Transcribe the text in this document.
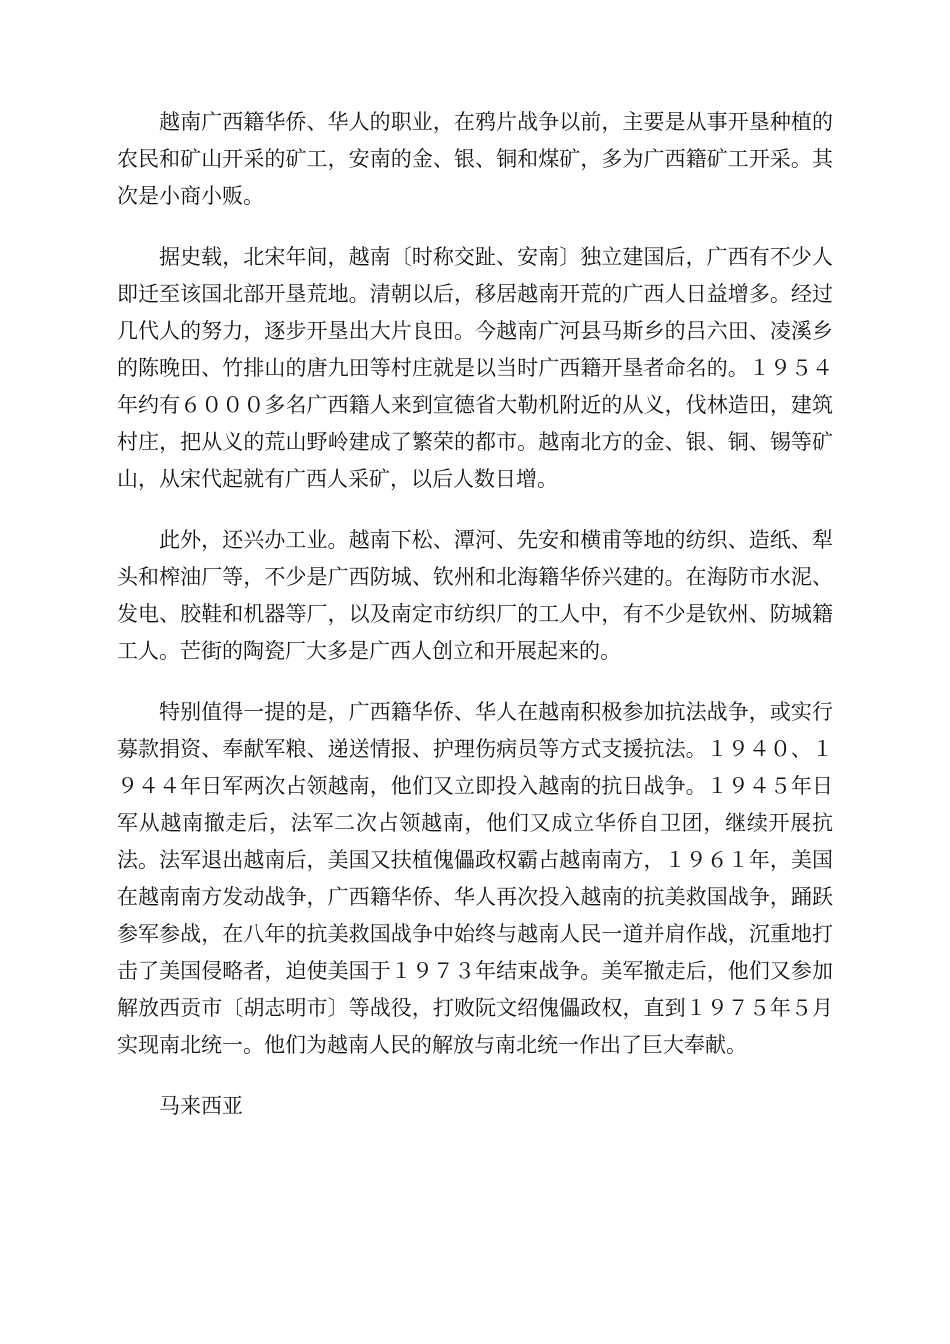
越南广西籍华侨、华人的职业，在鸦片战争以前，主要是从事开垦种植的农民和矿山开采的矿工，安南的金、银、铜和煤矿，多为广西籍矿工开采。其次是小商小贩。

据史载，北宋年间，越南〔时称交趾、安南〕独立建国后，广西有不少人即迁至该国北部开垦荒地。清朝以后，移居越南开荒的广西人日益增多。经过几代人的努力，逐步开垦出大片良田。今越南广河县马斯乡的吕六田、凌溪乡的陈晚田、竹排山的唐九田等村庄就是以当时广西籍开垦者命名的。１９５４年约有６０００多名广西籍人来到宣德省大勒机附近的从义，伐林造田，建筑村庄，把从义的荒山野岭建成了繁荣的都市。越南北方的金、银、铜、锡等矿山，从宋代起就有广西人采矿，以后人数日增。

此外，还兴办工业。越南下松、潭河、先安和横甫等地的纺织、造纸、犁头和榨油厂等，不少是广西防城、钦州和北海籍华侨兴建的。在海防市水泥、发电、胶鞋和机器等厂，以及南定市纺织厂的工人中，有不少是钦州、防城籍工人。芒街的陶瓷厂大多是广西人创立和开展起来的。

特别值得一提的是，广西籍华侨、华人在越南积极参加抗法战争，或实行募款捐资、奉献军粮、递送情报、护理伤病员等方式支援抗法。１９４０、１９４４年日军两次占领越南，他们又立即投入越南的抗日战争。１９４５年日军从越南撤走后，法军二次占领越南，他们又成立华侨自卫团，继续开展抗法。法军退出越南后，美国又扶植傀儡政权霸占越南南方，１９６１年，美国在越南南方发动战争，广西籍华侨、华人再次投入越南的抗美救国战争，踊跃参军参战，在八年的抗美救国战争中始终与越南人民一道并肩作战，沉重地打击了美国侵略者，迫使美国于１９７３年结束战争。美军撤走后，他们又参加解放西贡市〔胡志明市〕等战役，打败阮文绍傀儡政权，直到１９７５年５月实现南北统一。他们为越南人民的解放与南北统一作出了巨大奉献。

马来西亚
